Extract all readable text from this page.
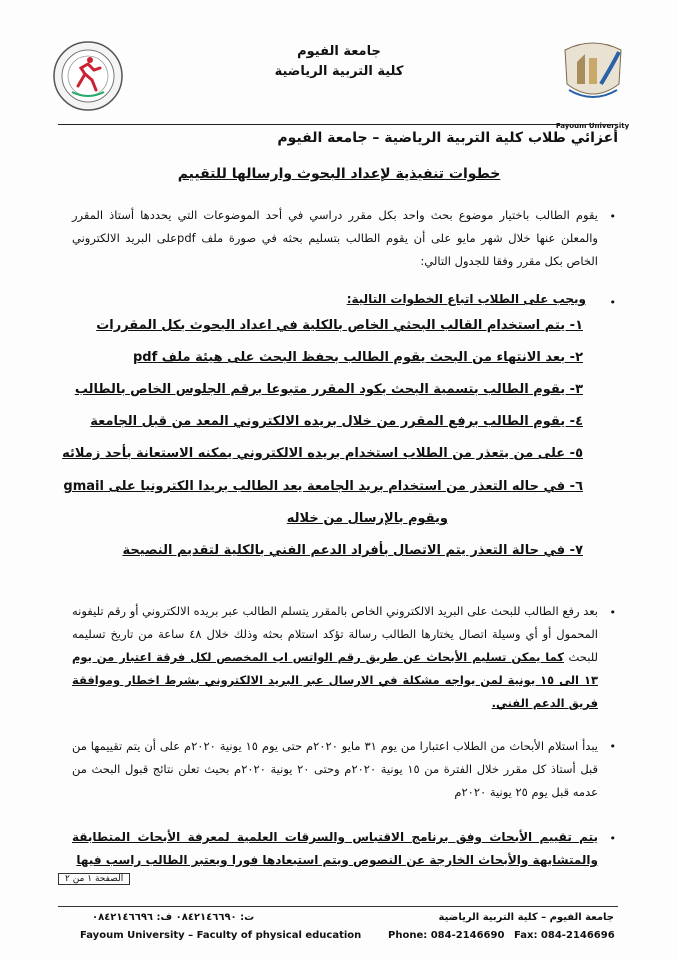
جامعة الفيوم
كلية التربية الرياضية
Fayoum University
أعزائي طلاب كلية التربية الرياضية – جامعة الفيوم
خطوات تنفيذية لإعداد البحوث وارسالها للتقييم
•
يقوم الطالب باختيار موضوع بحث واحد بكل مقرر دراسي في أحد الموضوعات التي يحددها أستاذ المقرر والمعلن عنها خلال شهر مايو على أن يقوم الطالب بتسليم بحثه في صورة ملف pdfعلى البريد الالكتروني الخاص بكل مقرر وفقا للجدول التالي:
•
ويجب على الطلاب اتباع الخطوات التالية:
١- يتم استخدام القالب البحثي الخاص بالكلية في اعداد البحوث بكل المقررات
٢- بعد الانتهاء من البحث يقوم الطالب بحفظ البحث على هيئة ملف pdf
٣- يقوم الطالب بتسمية البحث بكود المقرر متبوعا برقم الجلوس الخاص بالطالب
٤- يقوم الطالب برفع المقرر من خلال بريده الالكتروني المعد من قبل الجامعة
٥- على من يتعذر من الطلاب استخدام بريده الالكتروني يمكنه الاستعانة بأحد زملائه
٦- في حاله التعذر من استخدام بريد الجامعة يعد الطالب بريدا الكترونيا على gmail
ويقوم بالإرسال من خلاله
٧- في حالة التعذر يتم الاتصال بأفراد الدعم الفني بالكلية لتقديم النصيحة
•
بعد رفع الطالب للبحث على البريد الالكتروني الخاص بالمقرر يتسلم الطالب عبر بريده الالكتروني أو رقم تليفونه المحمول أو أي وسيلة اتصال يختارها الطالب رسالة تؤكد استلام بحثه وذلك خلال ٤٨ ساعة من تاريخ تسليمه للبحث كما يمكن تسليم الأبحاث عن طريق رقم الواتس اب المخصص لكل فرقة اعتبار من يوم ١٣ الى ١٥ يونية لمن يواجه مشكلة في الارسال عبر البريد الالكتروني بشرط اخطار وموافقة فريق الدعم الفني.
•
يبدأ استلام الأبحاث من الطلاب اعتبارا من يوم ٣١ مايو ٢٠٢٠م حتى يوم ١٥ يونية ٢٠٢٠م على أن يتم تقييمها من قبل أستاذ كل مقرر خلال الفترة من ١٥ يونية ٢٠٢٠م وحتى ٢٠ يونية ٢٠٢٠م بحيث تعلن نتائج قبول البحث من عدمه قبل يوم ٢٥ يونية ٢٠٢٠م
•
يتم تقييم الأبحاث وفق برنامج الاقتباس والسرقات العلمية لمعرفة الأبحاث المتطابقة والمتشابهة والأبحاث الخارجة عن النصوص ويتم استبعادها فورا ويعتبر الطالب راسب فيها
الصفحة ١ من ٢
جامعة الفيوم – كلية التربية الرياضية
ت: ٠٨٤٢١٤٦٦٩٠ ف: ٠٨٤٢١٤٦٦٩٦
Fayoum University – Faculty of physical education	Phone: 084-2146690 Fax: 084-2146696
